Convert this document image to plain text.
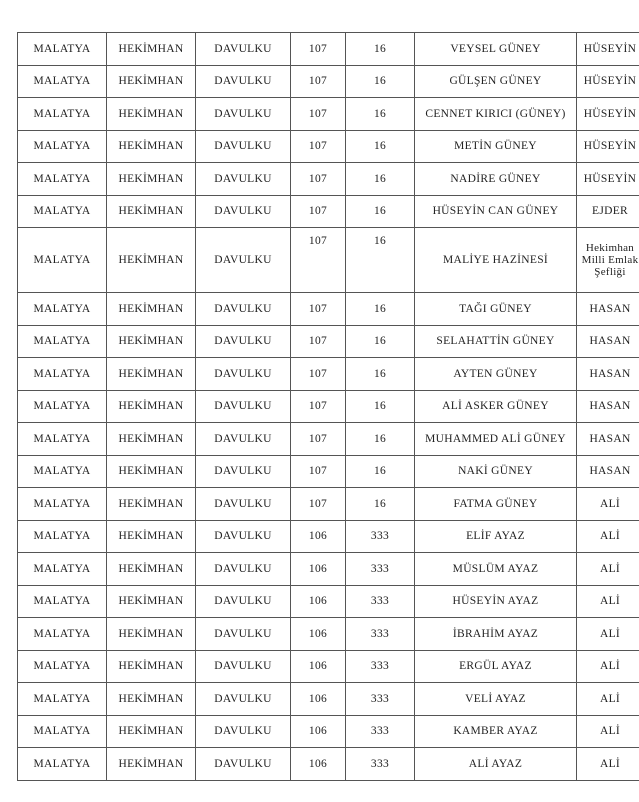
MALATYA	HEKİMHAN	DAVULKU	107	16	VEYSEL GÜNEY	HÜSEYİN
MALATYA	HEKİMHAN	DAVULKU	107	16	GÜLŞEN GÜNEY	HÜSEYİN
MALATYA	HEKİMHAN	DAVULKU	107	16	CENNET KIRICI (GÜNEY)	HÜSEYİN
MALATYA	HEKİMHAN	DAVULKU	107	16	METİN GÜNEY	HÜSEYİN
MALATYA	HEKİMHAN	DAVULKU	107	16	NADİRE GÜNEY	HÜSEYİN
MALATYA	HEKİMHAN	DAVULKU	107	16	HÜSEYİN CAN GÜNEY	EJDER
MALATYA	HEKİMHAN	DAVULKU	107	16	MALİYE HAZİNESİ	Hekimhan Milli Emlak Şefliği
MALATYA	HEKİMHAN	DAVULKU	107	16	TAĞI GÜNEY	HASAN
MALATYA	HEKİMHAN	DAVULKU	107	16	SELAHATTİN GÜNEY	HASAN
MALATYA	HEKİMHAN	DAVULKU	107	16	AYTEN GÜNEY	HASAN
MALATYA	HEKİMHAN	DAVULKU	107	16	ALİ ASKER GÜNEY	HASAN
MALATYA	HEKİMHAN	DAVULKU	107	16	MUHAMMED ALİ GÜNEY	HASAN
MALATYA	HEKİMHAN	DAVULKU	107	16	NAKİ GÜNEY	HASAN
MALATYA	HEKİMHAN	DAVULKU	107	16	FATMA GÜNEY	ALİ
MALATYA	HEKİMHAN	DAVULKU	106	333	ELİF AYAZ	ALİ
MALATYA	HEKİMHAN	DAVULKU	106	333	MÜSLÜM AYAZ	ALİ
MALATYA	HEKİMHAN	DAVULKU	106	333	HÜSEYİN AYAZ	ALİ
MALATYA	HEKİMHAN	DAVULKU	106	333	İBRAHİM AYAZ	ALİ
MALATYA	HEKİMHAN	DAVULKU	106	333	ERGÜL AYAZ	ALİ
MALATYA	HEKİMHAN	DAVULKU	106	333	VELİ AYAZ	ALİ
MALATYA	HEKİMHAN	DAVULKU	106	333	KAMBER AYAZ	ALİ
MALATYA	HEKİMHAN	DAVULKU	106	333	ALİ AYAZ	ALİ
